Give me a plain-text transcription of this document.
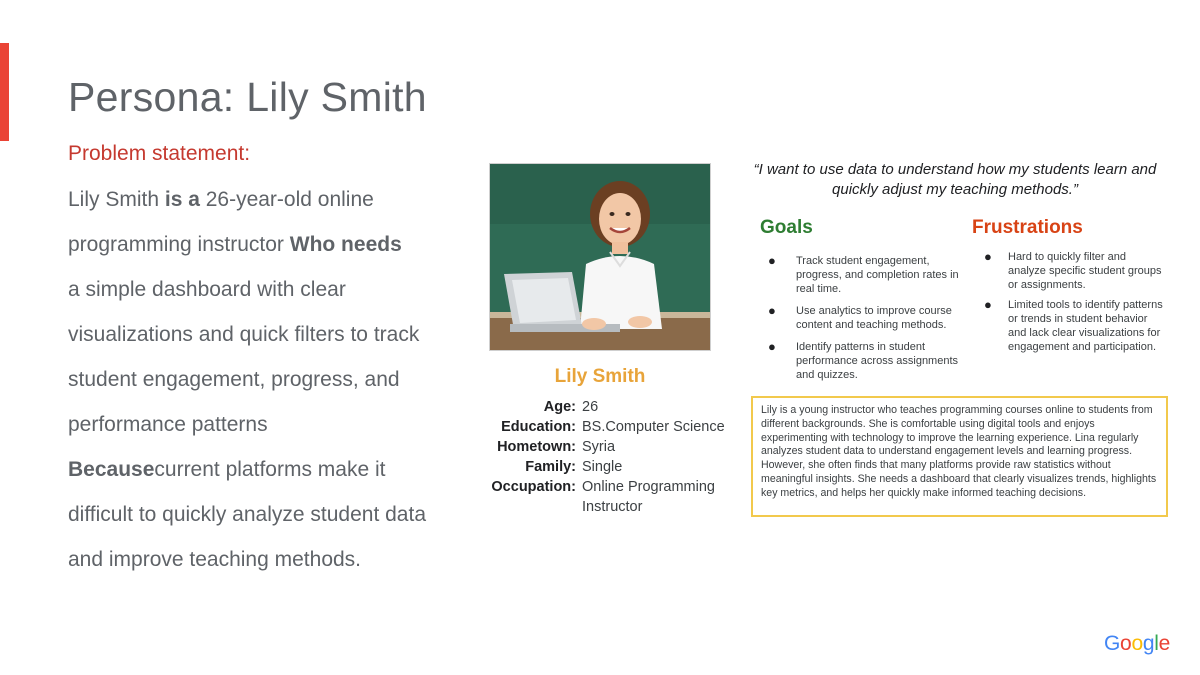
Persona: Lily Smith
Problem statement:
Lily Smith is a 26-year-old online
programming instructor Who needs
a simple dashboard with clear
visualizations and quick filters to track
student engagement, progress, and
performance patterns
Becausecurrent platforms make it
difficult to quickly analyze student data
and improve teaching methods.
Lily Smith
Age: 26
Education: BS.Computer Science
Hometown: Syria
Family: Single
Occupation: Online Programming Instructor
“I want to use data to understand how my students learn and quickly adjust my teaching methods.”
Goals	Frustrations
● Track student engagement, progress, and completion rates in real time.
● Use analytics to improve course content and teaching methods.
● Identify patterns in student performance across assignments and quizzes.
● Hard to quickly filter and analyze specific student groups or assignments.
● Limited tools to identify patterns or trends in student behavior and lack clear visualizations for engagement and participation.
Lily is a young instructor who teaches programming courses online to students from different backgrounds. She is comfortable using digital tools and enjoys experimenting with technology to improve the learning experience. Lina regularly analyzes student data to understand engagement levels and learning progress. However, she often finds that many platforms provide raw statistics without meaningful insights. She needs a dashboard that clearly visualizes trends, highlights key metrics, and helps her quickly make informed teaching decisions.
Google
